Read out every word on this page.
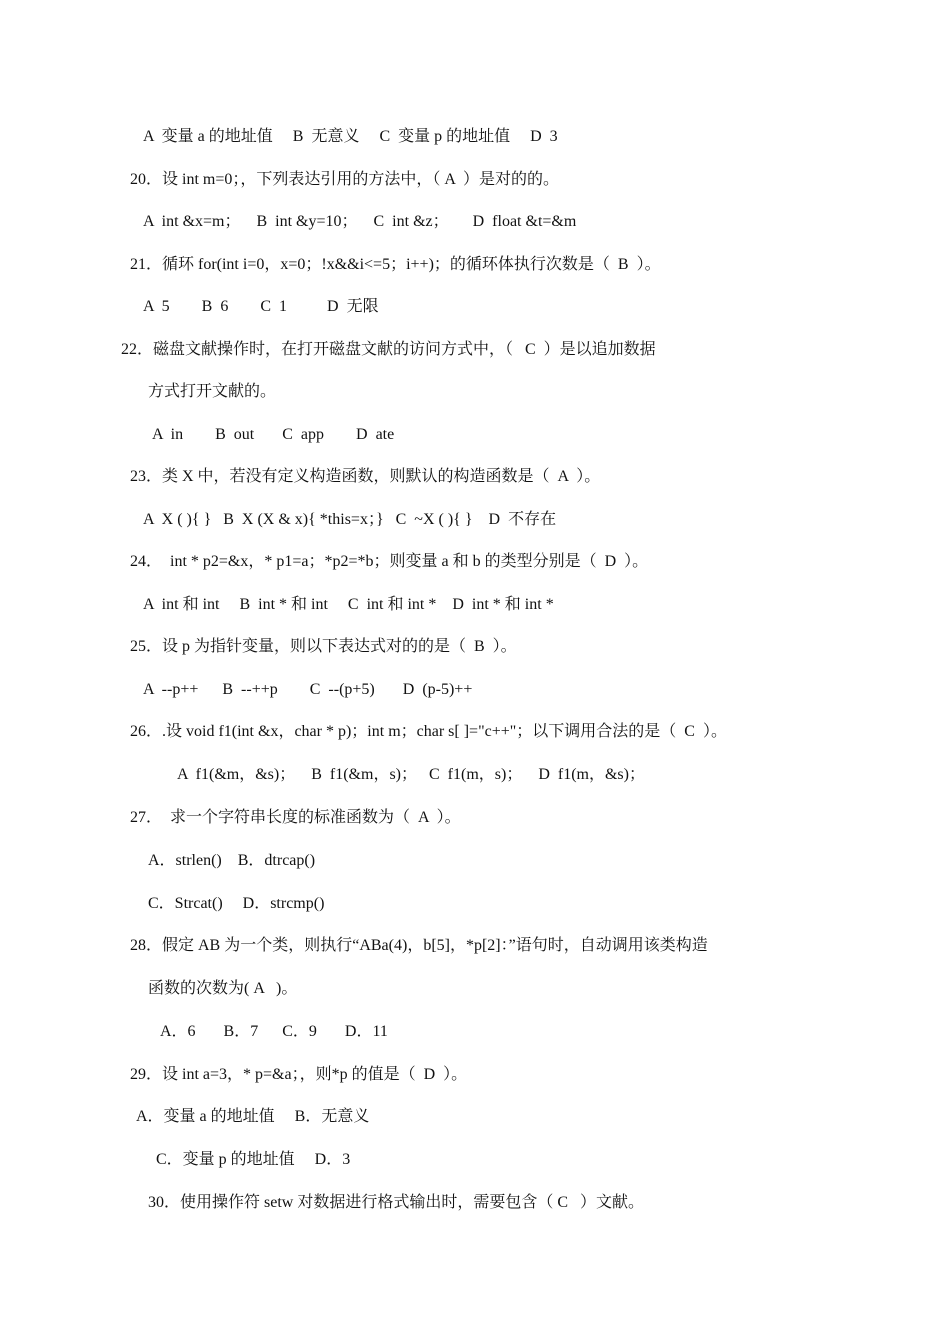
A  变量 a 的地址值     B  无意义     C  变量 p 的地址值     D  3
20．设 int m=0；，下列表达引用的方法中，（ A  ）是对的的。
A  int &x=m；    B  int &y=10；    C  int &z；      D  float &t=&m
21．循环 for(int i=0，x=0；!x&&i<=5；i++)；的循环体执行次数是（  B  ）。
A  5        B  6        C  1          D  无限
22．磁盘文献操作时，在打开磁盘文献的访问方式中，（   C  ）是以追加数据
方式打开文献的。
A  in        B  out       C  app        D  ate
23．类 X 中，若没有定义构造函数，则默认的构造函数是（  A  ）。
A  X ( ){ }   B  X (X & x){ *this=x；}   C  ~X ( ){ }    D  不存在
24．  int * p2=&x，* p1=a；*p2=*b；则变量 a 和 b 的类型分别是（  D  ）。
A  int 和 int     B  int * 和 int     C  int 和 int *    D  int * 和 int *
25．设 p 为指针变量，则以下表达式对的的是（  B  ）。
A  --p++      B  --++p        C  --(p+5)       D  (p-5)++
26．.设 void f1(int &x，char * p)；int m；char s[ ]="c++"；以下调用合法的是（  C  ）。
A  f1(&m，&s)；    B  f1(&m，s)；   C  f1(m，s)；    D  f1(m，&s)；
27．  求一个字符串长度的标准函数为（  A  ）。
A．strlen()    B．dtrcap()
C．Strcat()     D．strcmp()
28．假定 AB 为一个类，则执行“ABa(4)，b[5]，*p[2]：”语句时，自动调用该类构造
函数的次数为( A   )。
A．6       B．7      C．9       D．11
29．设 int a=3，* p=&a；，则*p 的值是（  D  ）。
A．变量 a 的地址值     B．无意义
C．变量 p 的地址值     D．3
30．使用操作符 setw 对数据进行格式输出时，需要包含（ C   ）文献。
